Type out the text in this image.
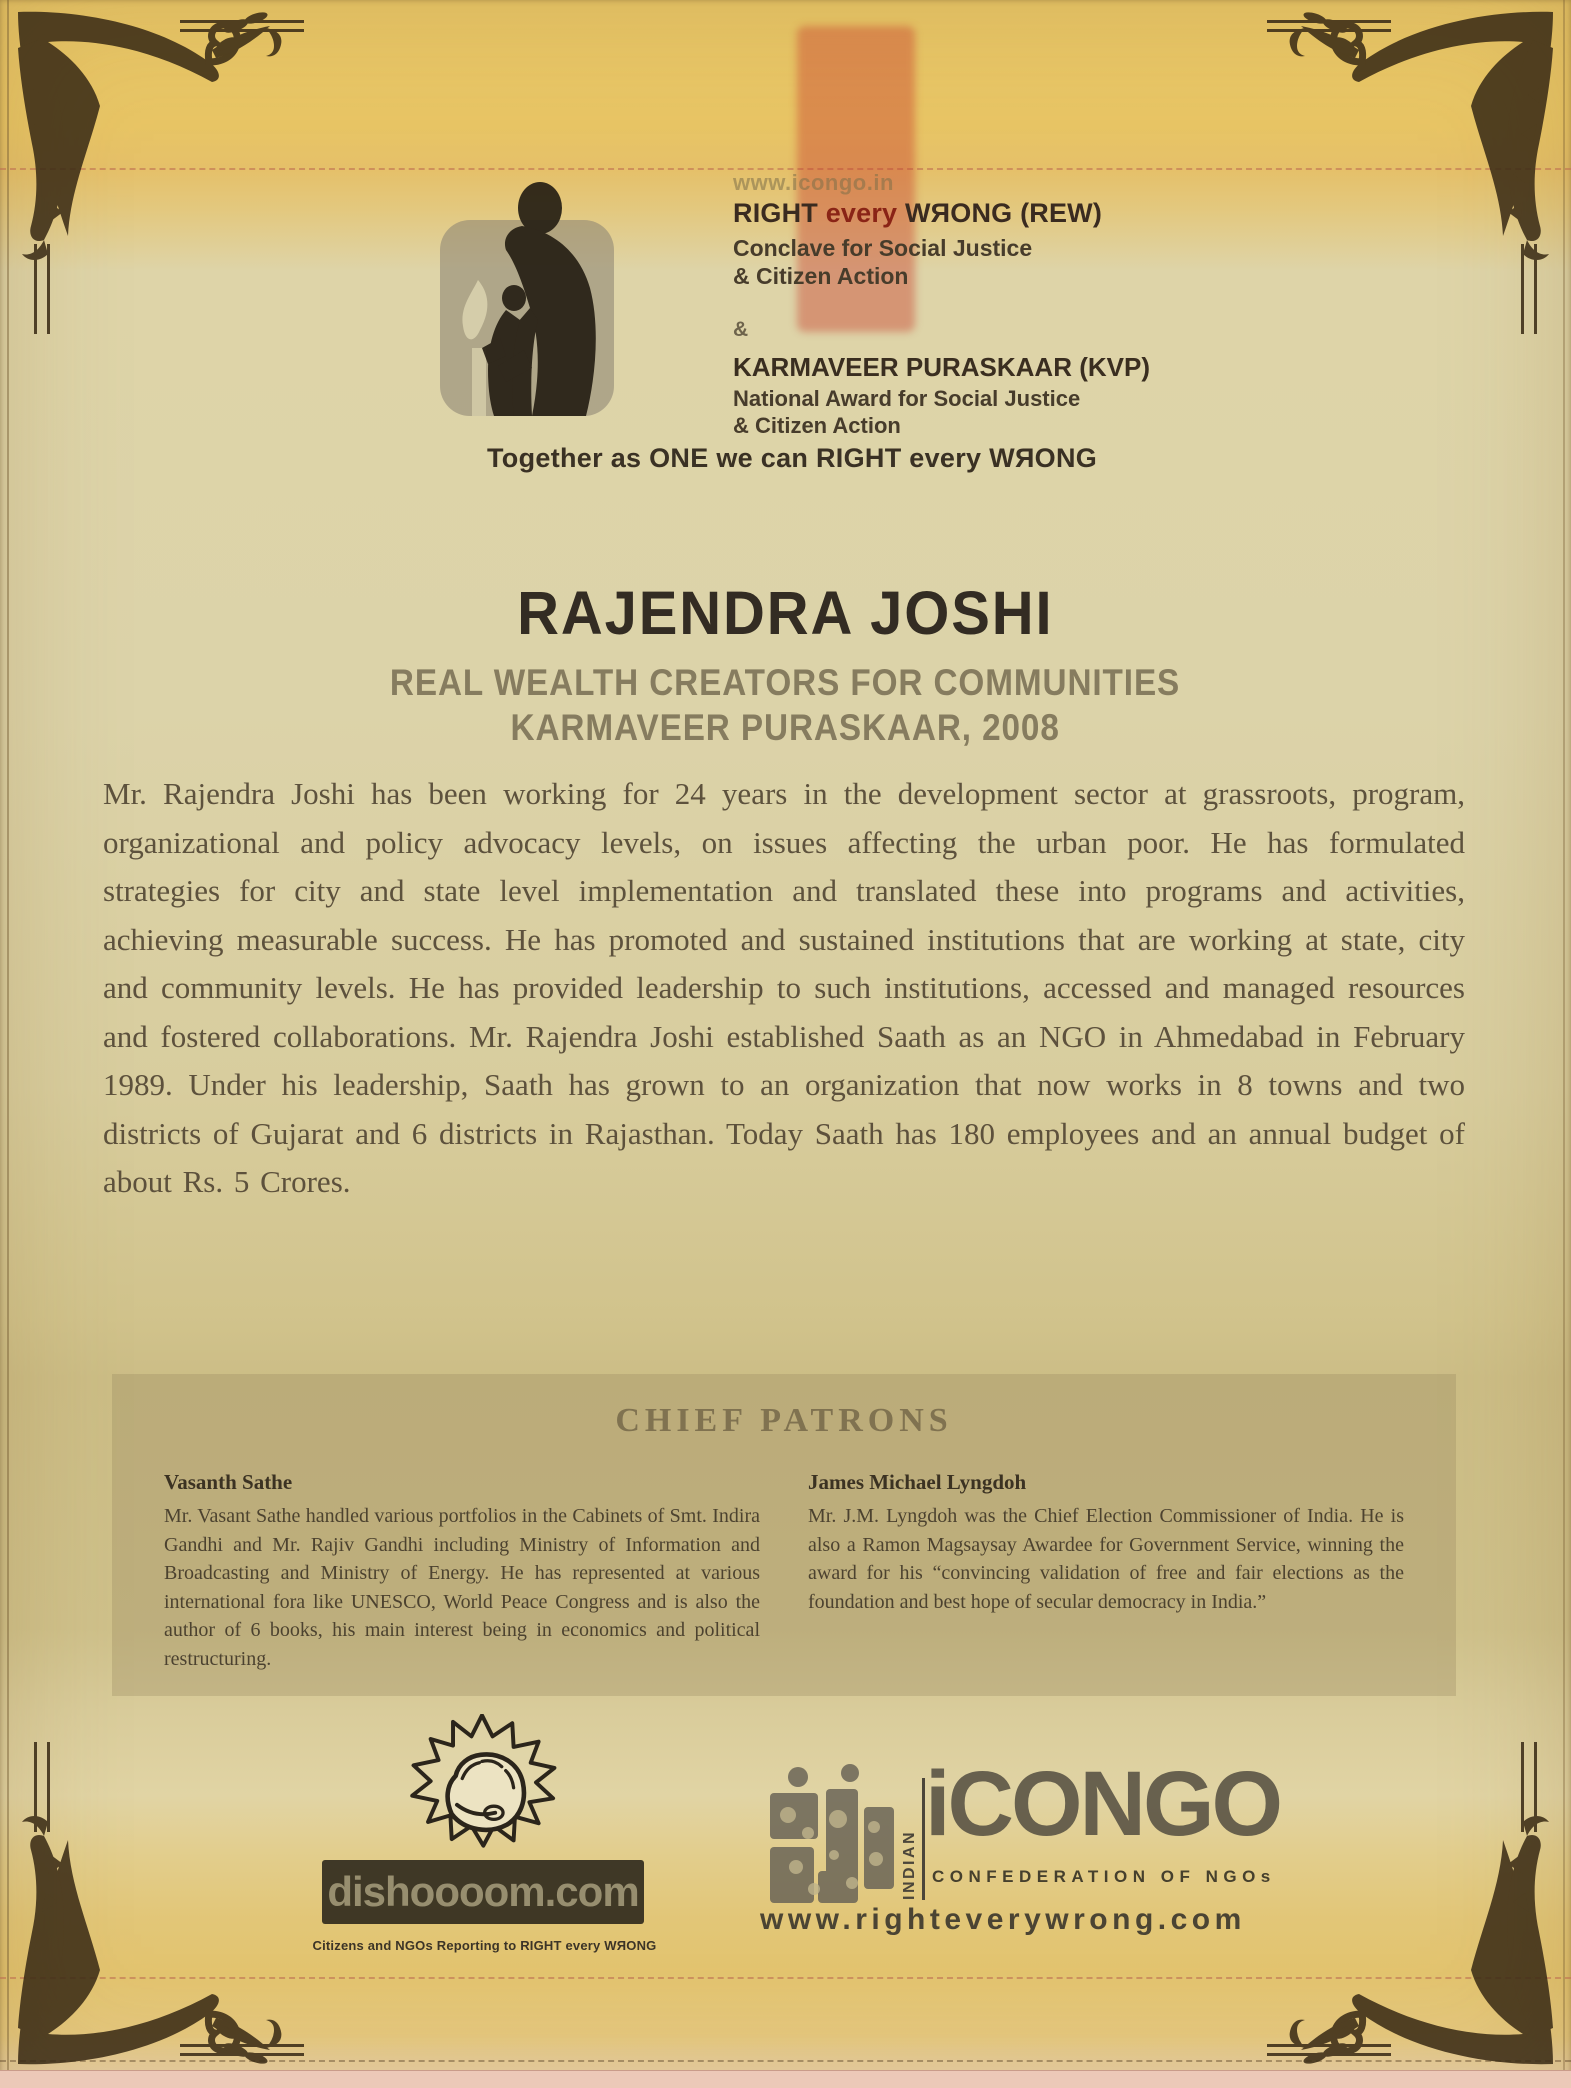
www.icongo.in
RIGHT every WЯONG (REW)
Conclave for Social Justice
& Citizen Action
&
KARMAVEER PURASKAAR (KVP)
National Award for Social Justice
& Citizen Action
Together as ONE we can RIGHT every WЯONG
RAJENDRA JOSHI
REAL WEALTH CREATORS FOR COMMUNITIES
KARMAVEER PURASKAAR, 2008
Mr. Rajendra Joshi has been working for 24 years in the development sector at grassroots, program, organizational and policy advocacy levels, on issues affecting the urban poor. He has formulated strategies for city and state level implementation and translated these into programs and activities, achieving measurable success. He has promoted and sustained institutions that are working at state, city and community levels. He has provided leadership to such institutions, accessed and managed resources and fostered collaborations. Mr. Rajendra Joshi established Saath as an NGO in Ahmedabad in February 1989. Under his leadership, Saath has grown to an organization that now works in 8 towns and two districts of Gujarat and 6 districts in Rajasthan. Today Saath has 180 employees and an annual budget of about Rs. 5 Crores.
CHIEF PATRONS
Vasanth Sathe
Mr. Vasant Sathe handled various portfolios in the Cabinets of Smt. Indira Gandhi and Mr. Rajiv Gandhi including Ministry of Information and Broadcasting and Ministry of Energy. He has represented at various international fora like UNESCO, World Peace Congress and is also the author of 6 books, his main interest being in economics and political restructuring.
James Michael Lyngdoh
Mr. J.M. Lyngdoh was the Chief Election Commissioner of India. He is also a Ramon Magsaysay Awardee for Government Service, winning the award for his “convincing validation of free and fair elections as the foundation and best hope of secular democracy in India.”
dishoooom.com
Citizens and NGOs Reporting to RIGHT every WЯONG
INDIAN
iCONGO
CONFEDERATION OF NGOs
www.righteverywrong.com
